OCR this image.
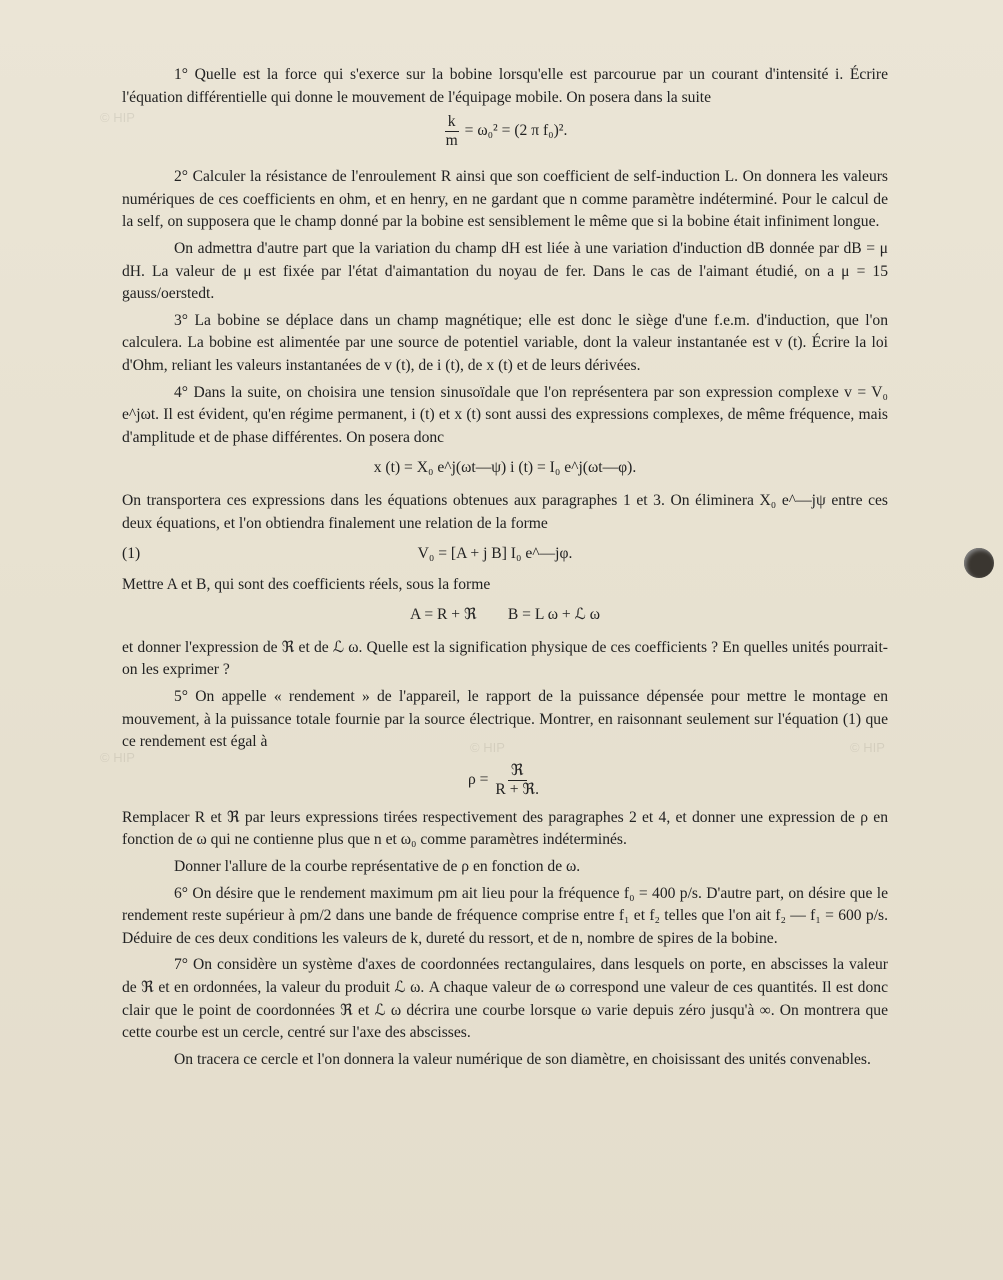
© HIP
© HIP	© HIP
© HIP

1° Quelle est la force qui s'exerce sur la bobine lorsqu'elle est parcourue par un courant d'intensité i. Écrire l'équation différentielle qui donne le mouvement de l'équipage mobile. On posera dans la suite

$\frac{k}{m} = \omega_0^2 = (2$ π f₀)².

2° Calculer la résistance de l'enroulement R ainsi que son coefficient de self-induction L. On donnera les valeurs numériques de ces coefficients en ohm, et en henry, en ne gardant que n comme paramètre indéterminé. Pour le calcul de la self, on supposera que le champ donné par la bobine est sensiblement le même que si la bobine était infiniment longue.

On admettra d'autre part que la variation du champ dH est liée à une variation d'induction dB donnée par dB = μ dH. La valeur de μ est fixée par l'état d'aimantation du noyau de fer. Dans le cas de l'aimant étudié, on a μ = 15 gauss/oerstedt.

3° La bobine se déplace dans un champ magnétique; elle est donc le siège d'une f.e.m. d'induction, que l'on calculera. La bobine est alimentée par une source de potentiel variable, dont la valeur instantanée est v (t). Écrire la loi d'Ohm, reliant les valeurs instantanées de v (t), de i (t), de x (t) et de leurs dérivées.

4° Dans la suite, on choisira une tension sinusoïdale que l'on représentera par son expression complexe v = V₀ e^jωt. Il est évident, qu'en régime permanent, i (t) et x (t) sont aussi des expressions complexes, de même fréquence, mais d'amplitude et de phase différentes. On posera donc

x (t) = X₀ e^j(ωt—ψ) i (t) = I₀ e^j(ωt—φ).

On transportera ces expressions dans les équations obtenues aux paragraphes 1 et 3. On éliminera X₀ e^—jψ entre ces deux équations, et l'on obtiendra finalement une relation de la forme

(1)	V₀ = [A + j B] I₀ e^—jφ.

Mettre A et B, qui sont des coefficients réels, sous la forme

A = R + ℜ        B = L ω + ℒ ω

et donner l'expression de ℜ et de ℒ ω. Quelle est la signification physique de ces coefficients ? En quelles unités pourrait-on les exprimer ?

5° On appelle « rendement » de l'appareil, le rapport de la puissance dépensée pour mettre le montage en mouvement, à la puissance totale fournie par la source électrique. Montrer, en raisonnant seulement sur l'équation (1) que ce rendement est égal à

$\rho = \frac{\text{ℜ}}{\text{R + ℜ.}}$

Remplacer R et ℜ par leurs expressions tirées respectivement des paragraphes 2 et 4, et donner une expression de ρ en fonction de ω qui ne contienne plus que n et ω₀ comme paramètres indéterminés.

Donner l'allure de la courbe représentative de ρ en fonction de ω.

6° On désire que le rendement maximum ρm ait lieu pour la fréquence f₀ = 400 p/s. D'autre part, on désire que le rendement reste supérieur à ρm/2 dans une bande de fréquence comprise entre f₁ et f₂ telles que l'on ait f₂ — f₁ = 600 p/s. Déduire de ces deux conditions les valeurs de k, dureté du ressort, et de n, nombre de spires de la bobine.

7° On considère un système d'axes de coordonnées rectangulaires, dans lesquels on porte, en abscisses la valeur de ℜ et en ordonnées, la valeur du produit ℒ ω. A chaque valeur de ω correspond une valeur de ces quantités. Il est donc clair que le point de coordonnées ℜ et ℒ ω décrira une courbe lorsque ω varie depuis zéro jusqu'à ∞. On montrera que cette courbe est un cercle, centré sur l'axe des abscisses.

On tracera ce cercle et l'on donnera la valeur numérique de son diamètre, en choisissant des unités convenables.
